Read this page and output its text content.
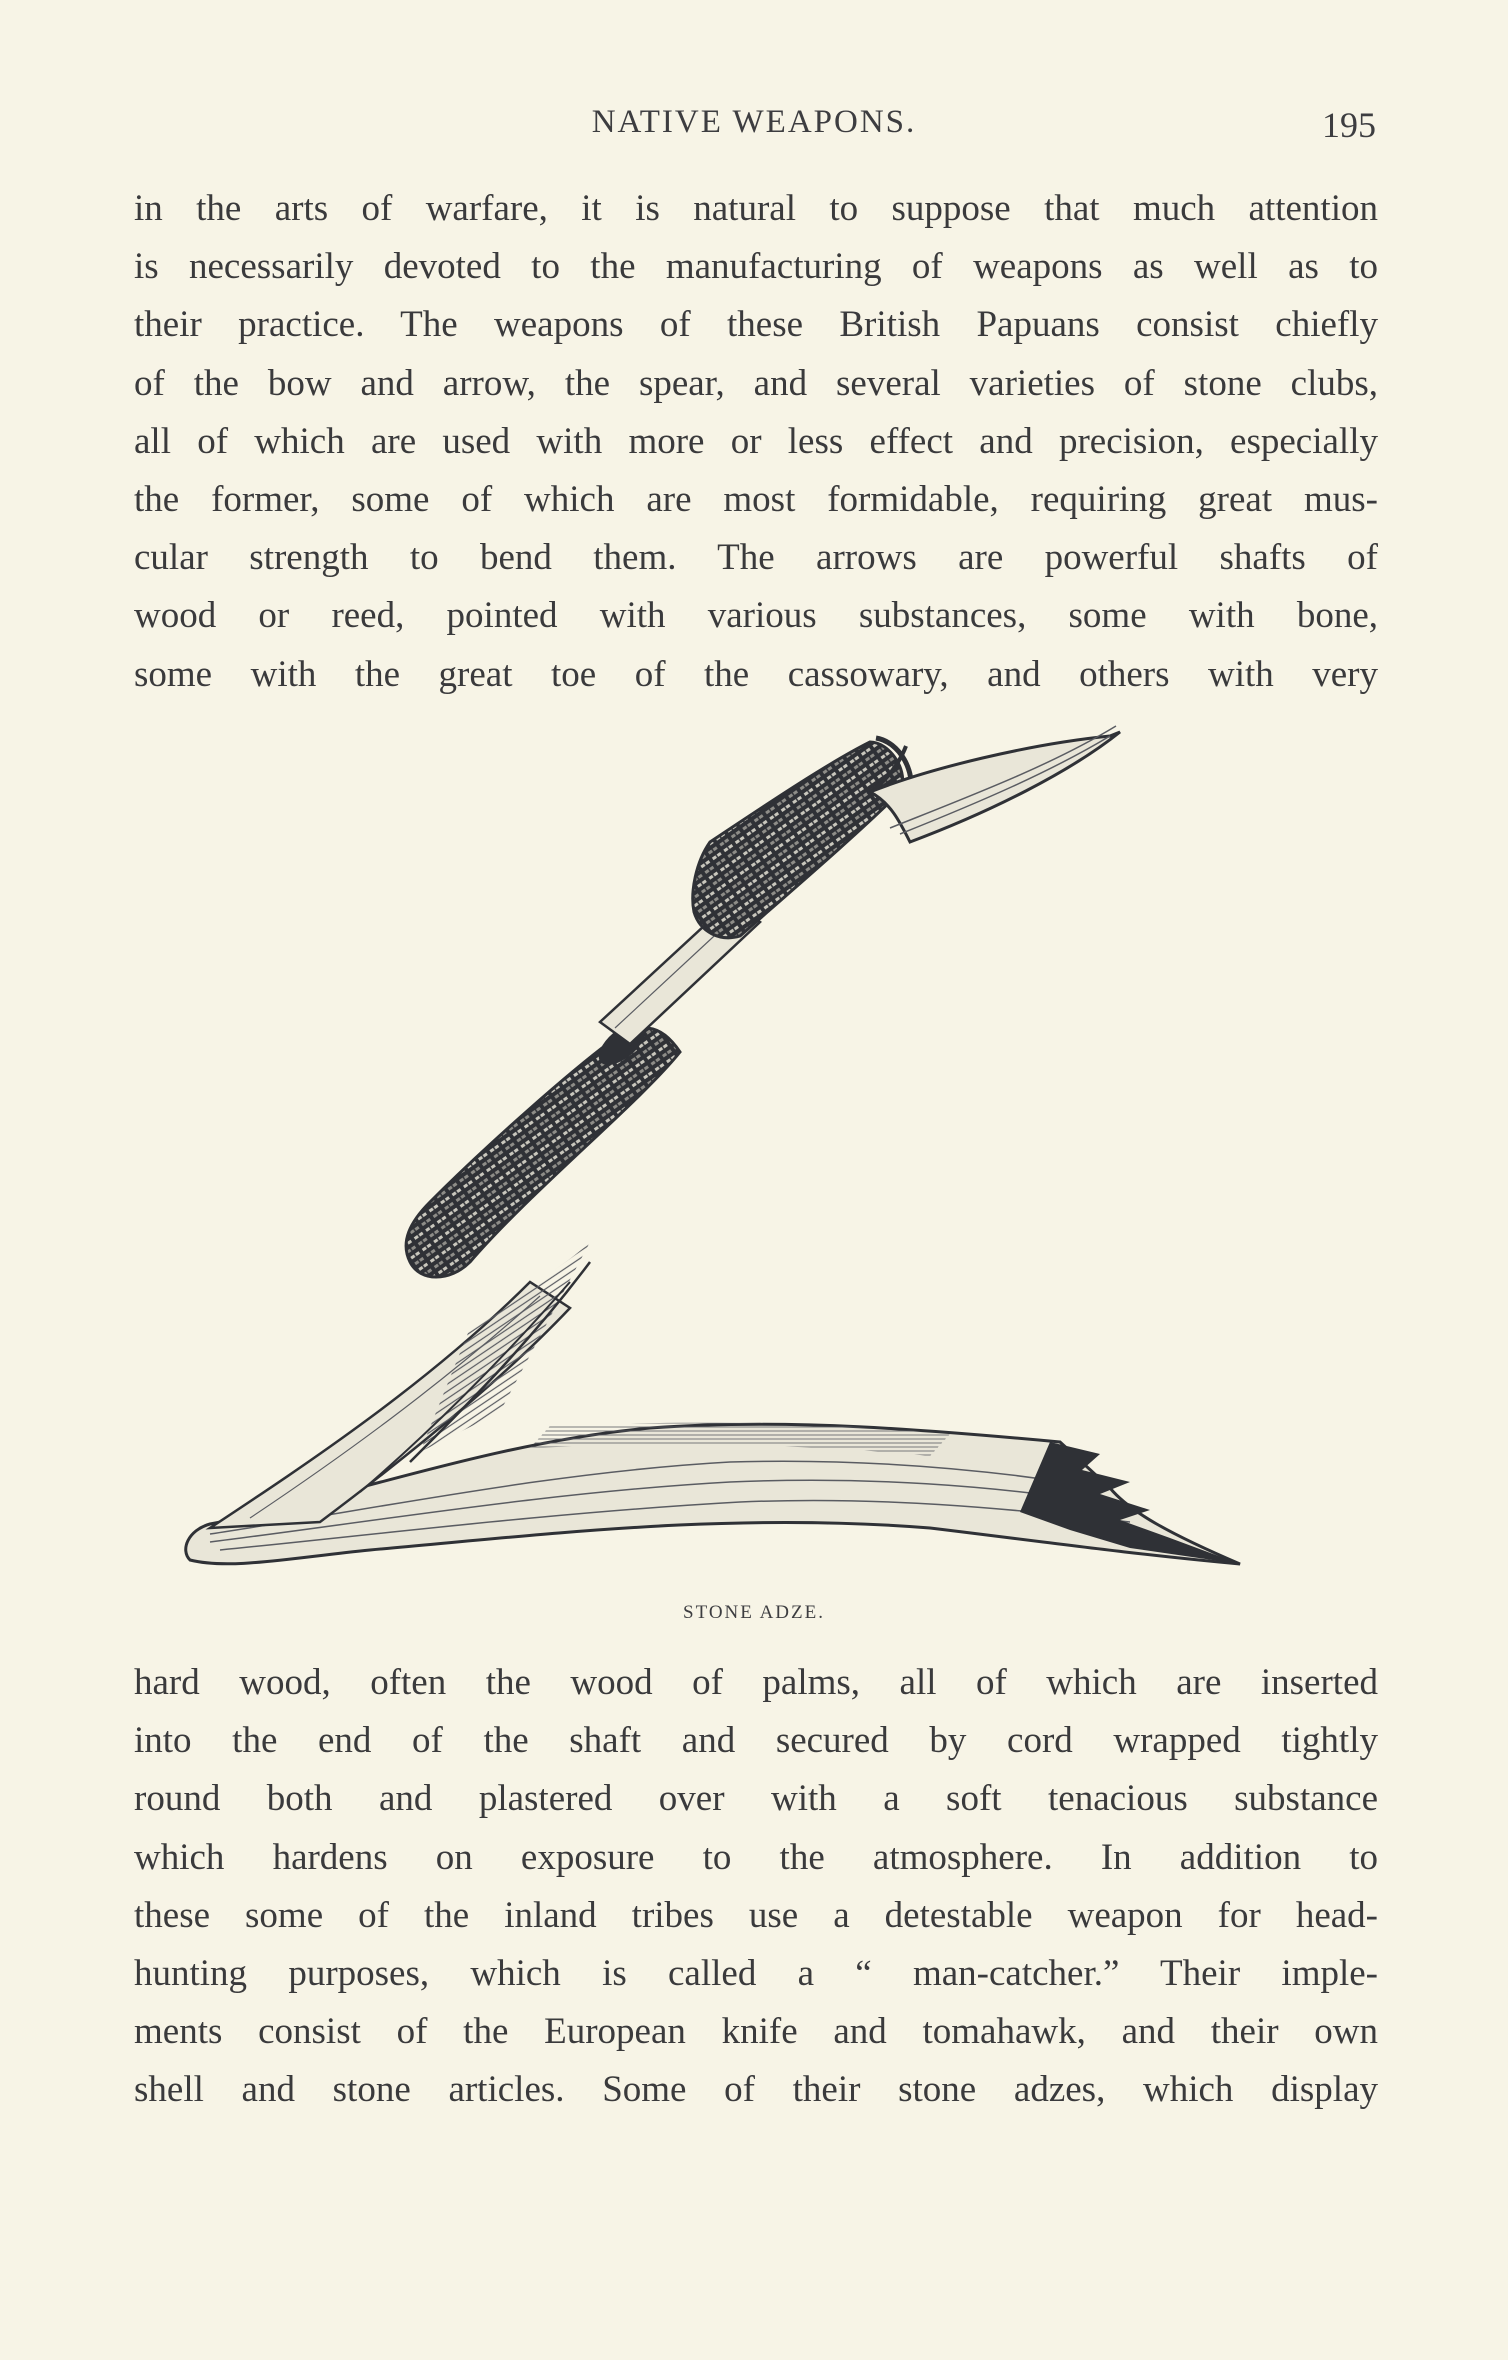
NATIVE WEAPONS.	195

in the arts of warfare, it is natural to suppose that much attention

is necessarily devoted to the manufacturing of weapons as well as to

their practice. The weapons of these British Papuans consist chiefly

of the bow and arrow, the spear, and several varieties of stone clubs,

all of which are used with more or less effect and precision, especially

the former, some of which are most formidable, requiring great mus-

cular strength to bend them. The arrows are powerful shafts of

wood or reed, pointed with various substances, some with bone,

some with the great toe of the cassowary, and others with very

STONE ADZE.

hard wood, often the wood of palms, all of which are inserted

into the end of the shaft and secured by cord wrapped tightly

round both and plastered over with a soft tenacious substance

which hardens on exposure to the atmosphere. In addition to

these some of the inland tribes use a detestable weapon for head-

hunting purposes, which is called a “ man-catcher.” Their imple-

ments consist of the European knife and tomahawk, and their own

shell and stone articles. Some of their stone adzes, which display
